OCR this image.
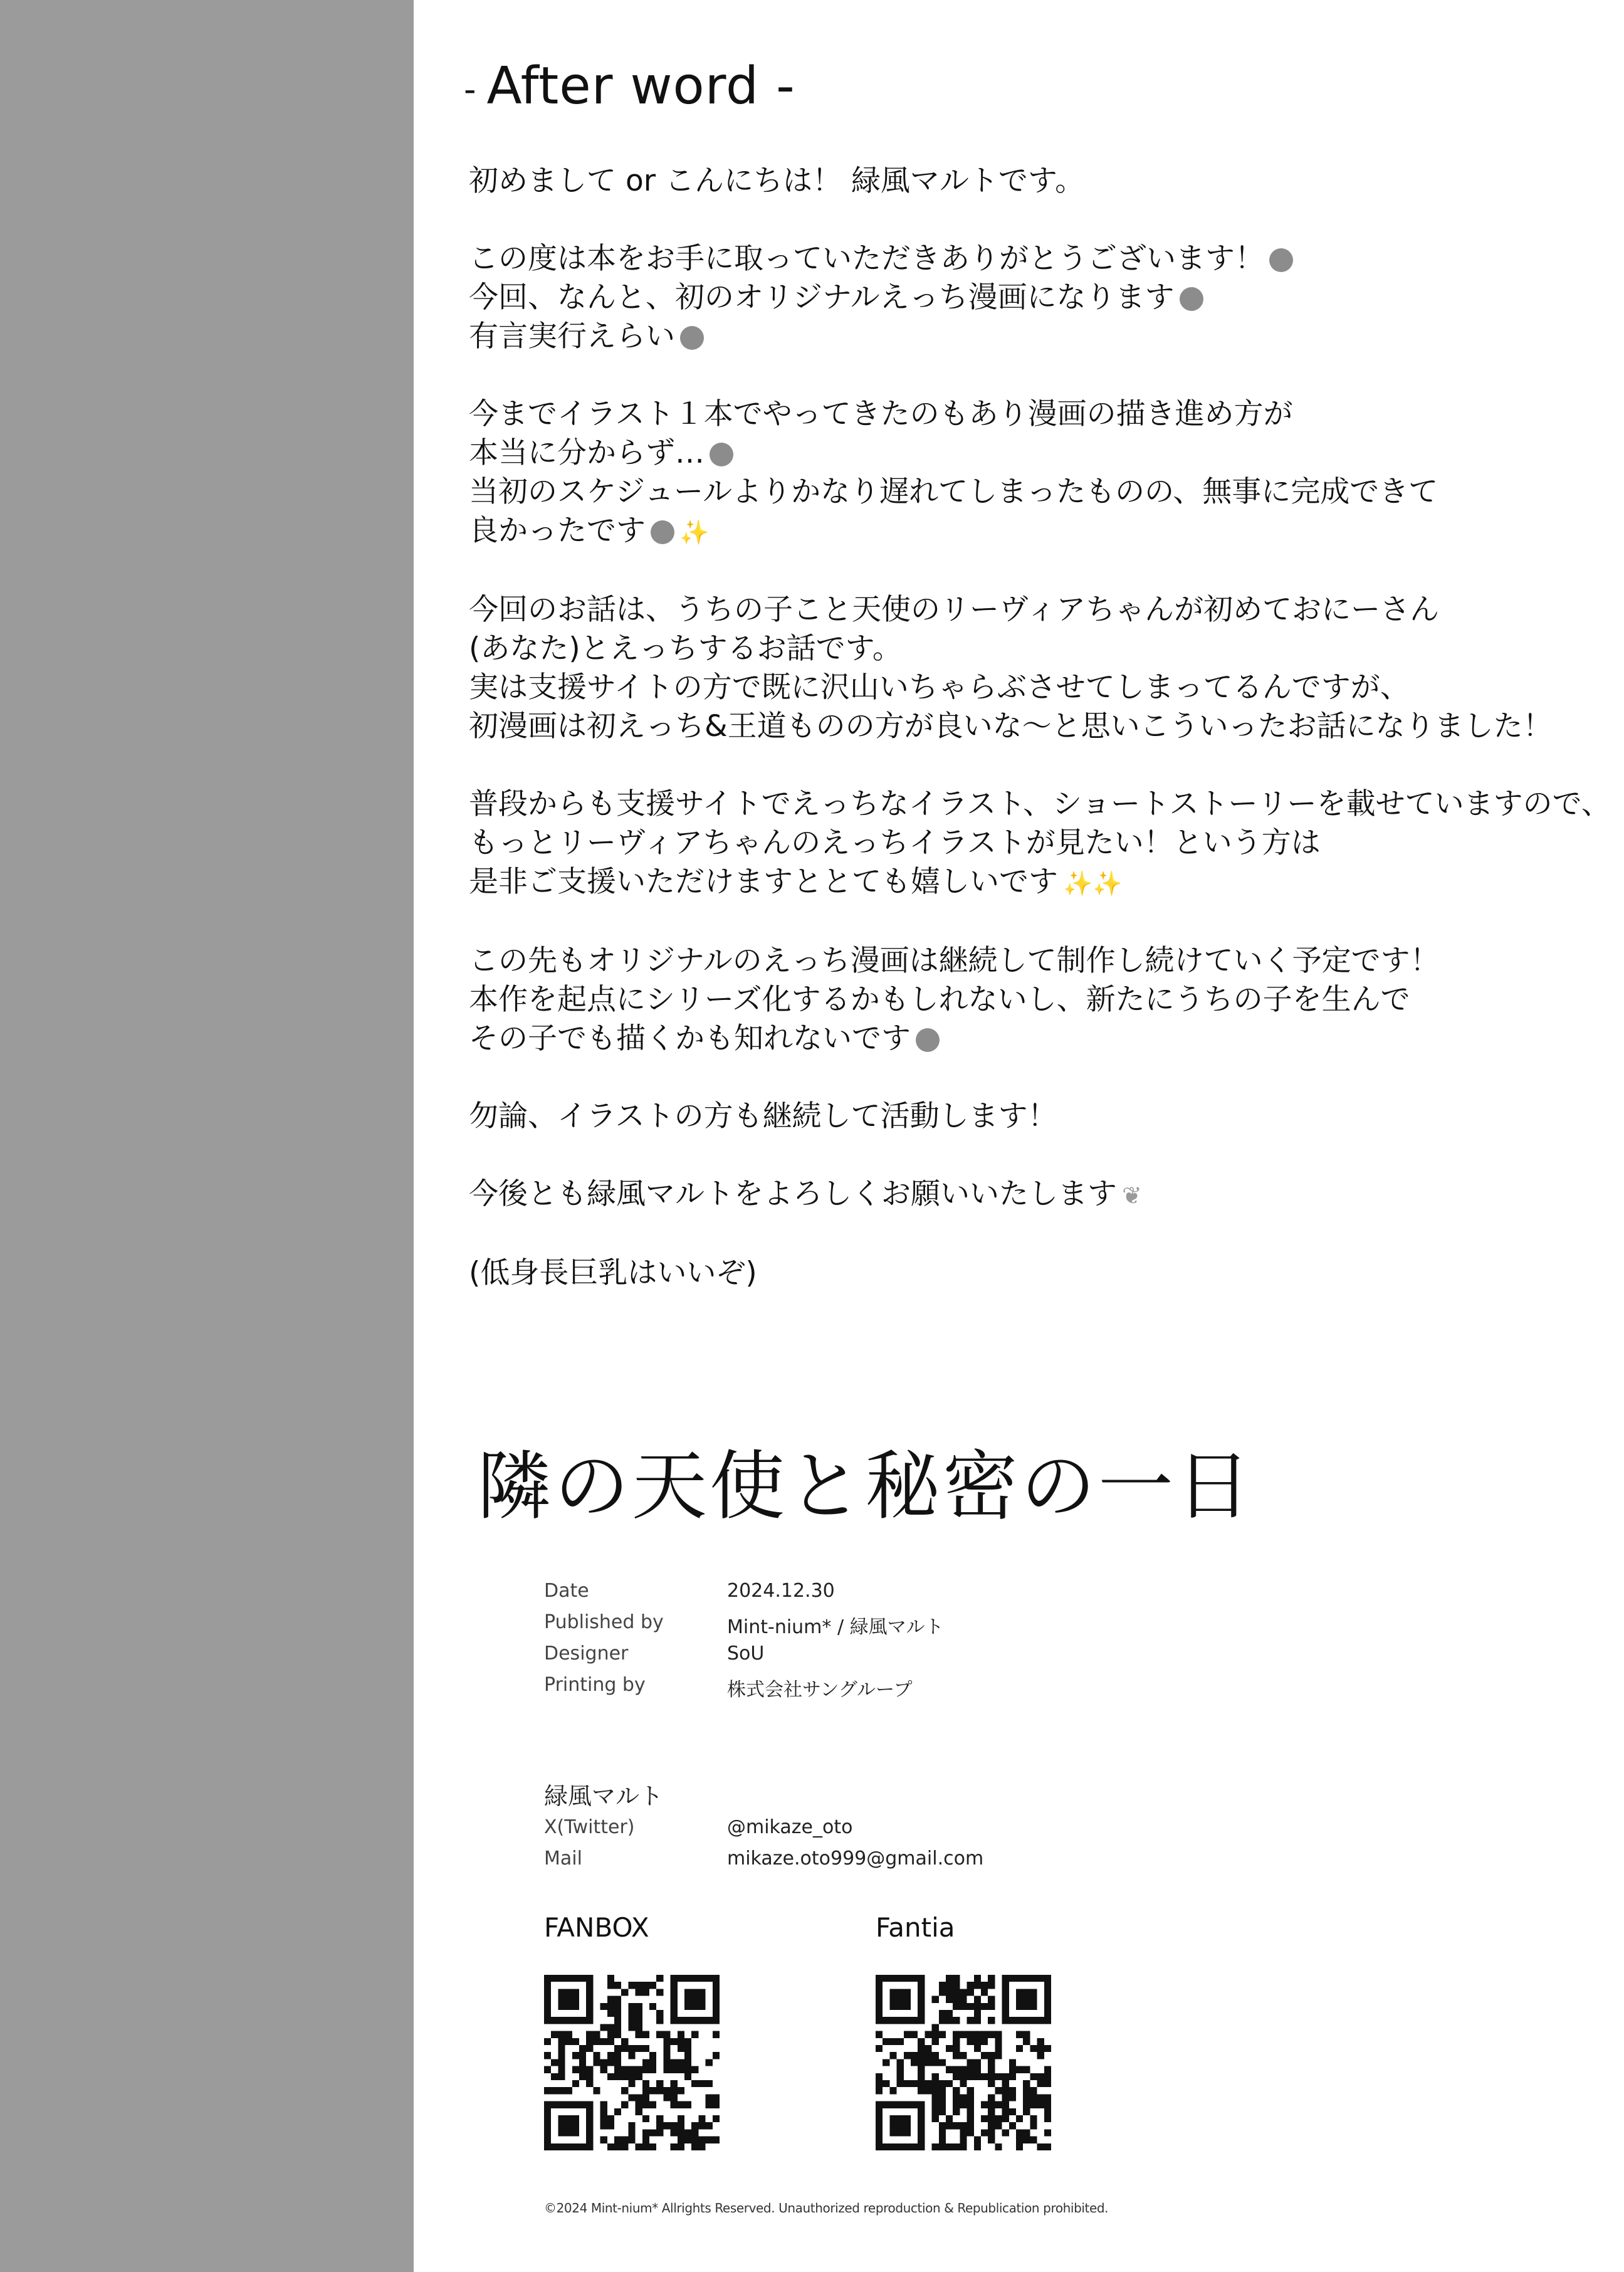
- After word -

初めまして or こんにちは！ 緑風マルトです。

この度は本をお手に取っていただきありがとうございます！
今回、なんと、初のオリジナルえっち漫画になります
有言実行えらい

今までイラスト１本でやってきたのもあり漫画の描き進め方が
本当に分からず…
当初のスケジュールよりかなり遅れてしまったものの、無事に完成できて
良かったです ✨

今回のお話は、うちの子こと天使のリーヴィアちゃんが初めておにーさん
(あなた)とえっちするお話です。
実は支援サイトの方で既に沢山いちゃらぶさせてしまってるんですが、
初漫画は初えっち&王道ものの方が良いな～と思いこういったお話になりました！

普段からも支援サイトでえっちなイラスト、ショートストーリーを載せていますので、
もっとリーヴィアちゃんのえっちイラストが見たい！という方は
是非ご支援いただけますととても嬉しいです ✨✨

この先もオリジナルのえっち漫画は継続して制作し続けていく予定です！
本作を起点にシリーズ化するかもしれないし、新たにうちの子を生んで
その子でも描くかも知れないです

勿論、イラストの方も継続して活動します！

今後とも緑風マルトをよろしくお願いいたします ❦

(低身長巨乳はいいぞ)

隣の天使と秘密の一日
Date	2024.12.30
Published by	Mint-nium* / 緑風マルト
Designer	SoU
Printing by	株式会社サングループ
緑風マルト
X(Twitter)	@mikaze_oto
Mail	mikaze.oto999@gmail.com
FANBOX	Fantia
©2024 Mint-nium* Allrights Reserved. Unauthorized reproduction & Republication prohibited.
